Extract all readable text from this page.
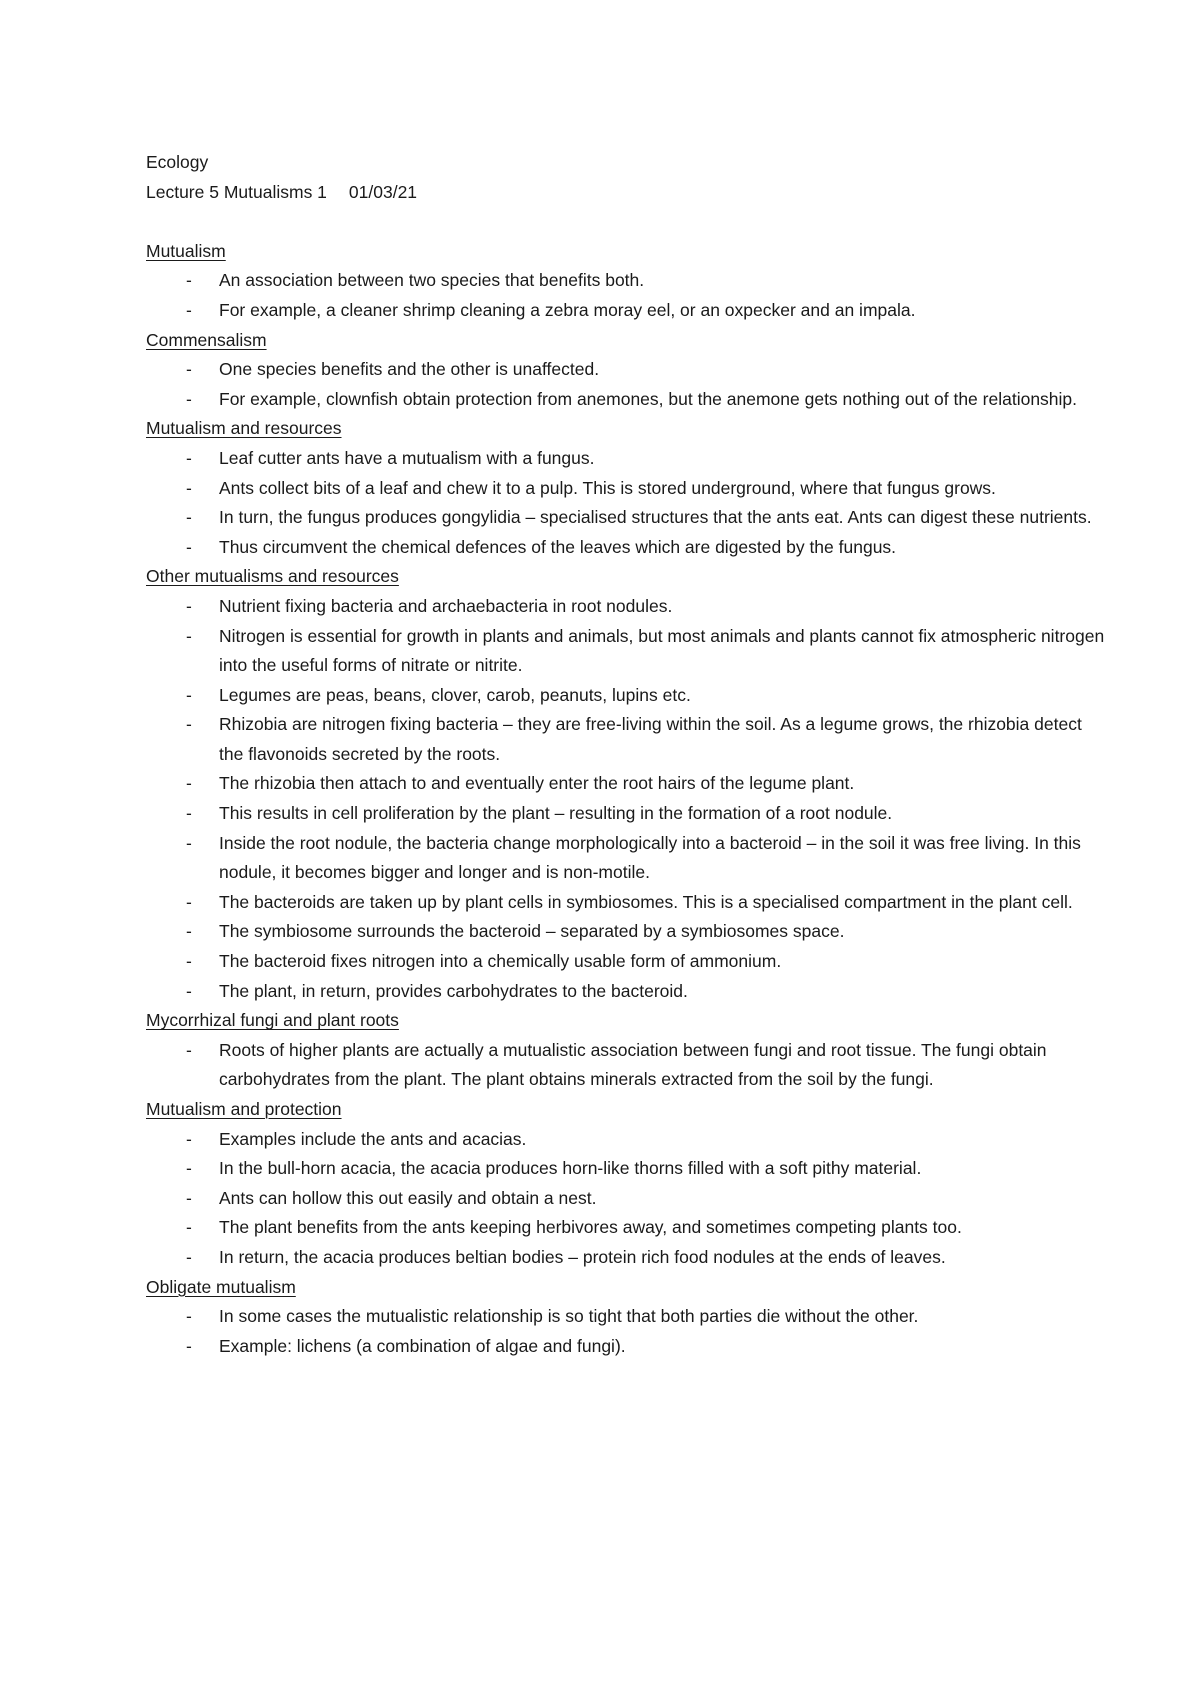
Ecology
Lecture 5 Mutualisms 1 01/03/21
Mutualism
- An association between two species that benefits both.
- For example, a cleaner shrimp cleaning a zebra moray eel, or an oxpecker and an impala.
Commensalism
- One species benefits and the other is unaffected.
- For example, clownfish obtain protection from anemones, but the anemone gets nothing out of the relationship.
Mutualism and resources
- Leaf cutter ants have a mutualism with a fungus.
- Ants collect bits of a leaf and chew it to a pulp. This is stored underground, where that fungus grows.
- In turn, the fungus produces gongylidia – specialised structures that the ants eat. Ants can digest these nutrients.
- Thus circumvent the chemical defences of the leaves which are digested by the fungus.
Other mutualisms and resources
- Nutrient fixing bacteria and archaebacteria in root nodules.
- Nitrogen is essential for growth in plants and animals, but most animals and plants cannot fix atmospheric nitrogen into the useful forms of nitrate or nitrite.
- Legumes are peas, beans, clover, carob, peanuts, lupins etc.
- Rhizobia are nitrogen fixing bacteria – they are free-living within the soil. As a legume grows, the rhizobia detect the flavonoids secreted by the roots.
- The rhizobia then attach to and eventually enter the root hairs of the legume plant.
- This results in cell proliferation by the plant – resulting in the formation of a root nodule.
- Inside the root nodule, the bacteria change morphologically into a bacteroid – in the soil it was free living. In this nodule, it becomes bigger and longer and is non-motile.
- The bacteroids are taken up by plant cells in symbiosomes. This is a specialised compartment in the plant cell.
- The symbiosome surrounds the bacteroid – separated by a symbiosomes space.
- The bacteroid fixes nitrogen into a chemically usable form of ammonium.
- The plant, in return, provides carbohydrates to the bacteroid.
Mycorrhizal fungi and plant roots
- Roots of higher plants are actually a mutualistic association between fungi and root tissue. The fungi obtain carbohydrates from the plant. The plant obtains minerals extracted from the soil by the fungi.
Mutualism and protection
- Examples include the ants and acacias.
- In the bull-horn acacia, the acacia produces horn-like thorns filled with a soft pithy material.
- Ants can hollow this out easily and obtain a nest.
- The plant benefits from the ants keeping herbivores away, and sometimes competing plants too.
- In return, the acacia produces beltian bodies – protein rich food nodules at the ends of leaves.
Obligate mutualism
- In some cases the mutualistic relationship is so tight that both parties die without the other.
- Example: lichens (a combination of algae and fungi).
